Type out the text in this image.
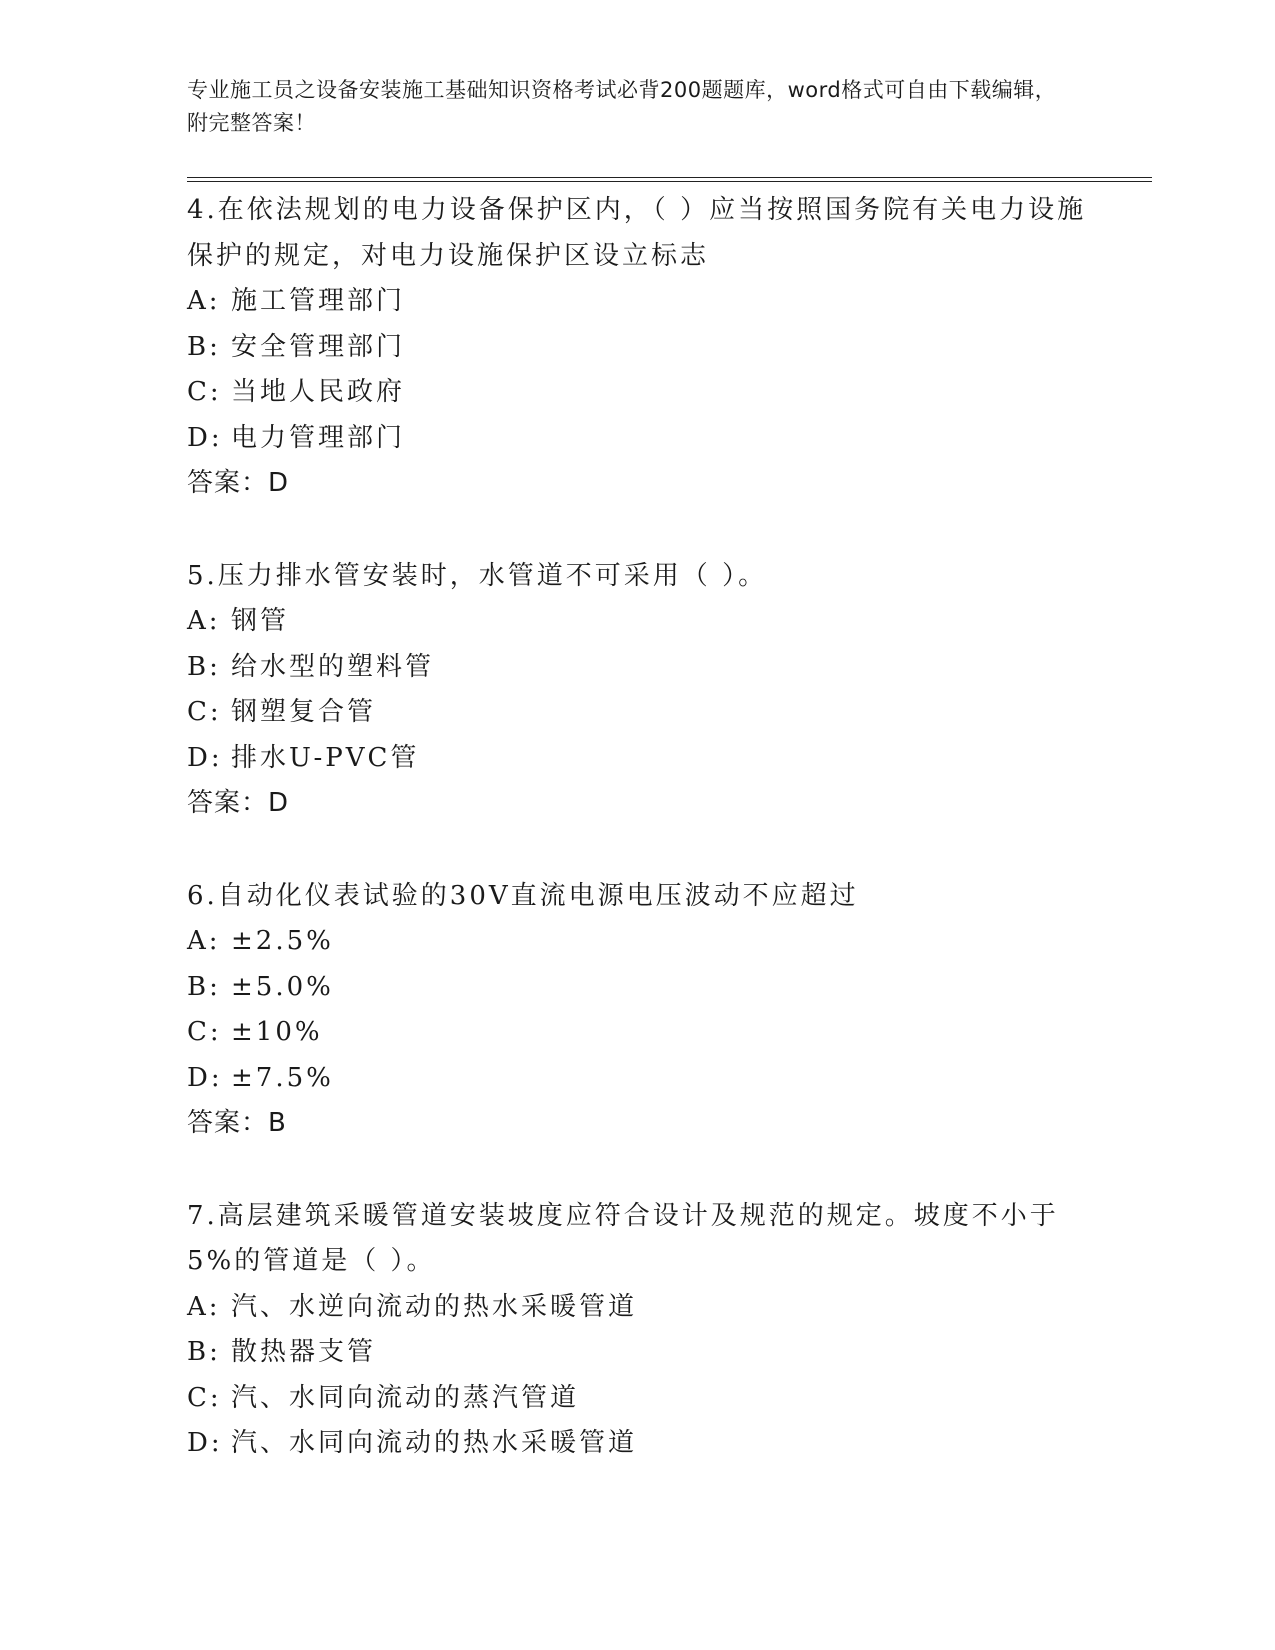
专业施工员之设备安装施工基础知识资格考试必背200题题库，word格式可自由下载编辑，附完整答案！
4.在依法规划的电力设备保护区内，（ ）应当按照国务院有关电力设施保护的规定，对电力设施保护区设立标志
A: 施工管理部门
B: 安全管理部门
C: 当地人民政府
D: 电力管理部门
答案：D
5.压力排水管安装时，水管道不可采用（ ）。
A: 钢管
B: 给水型的塑料管
C: 钢塑复合管
D: 排水U-PVC管
答案：D
6.自动化仪表试验的30V直流电源电压波动不应超过
A: ±2.5%
B: ±5.0%
C: ±10%
D: ±7.5%
答案：B
7.高层建筑采暖管道安装坡度应符合设计及规范的规定。坡度不小于5%的管道是（ ）。
A: 汽、水逆向流动的热水采暖管道
B: 散热器支管
C: 汽、水同向流动的蒸汽管道
D: 汽、水同向流动的热水采暖管道
